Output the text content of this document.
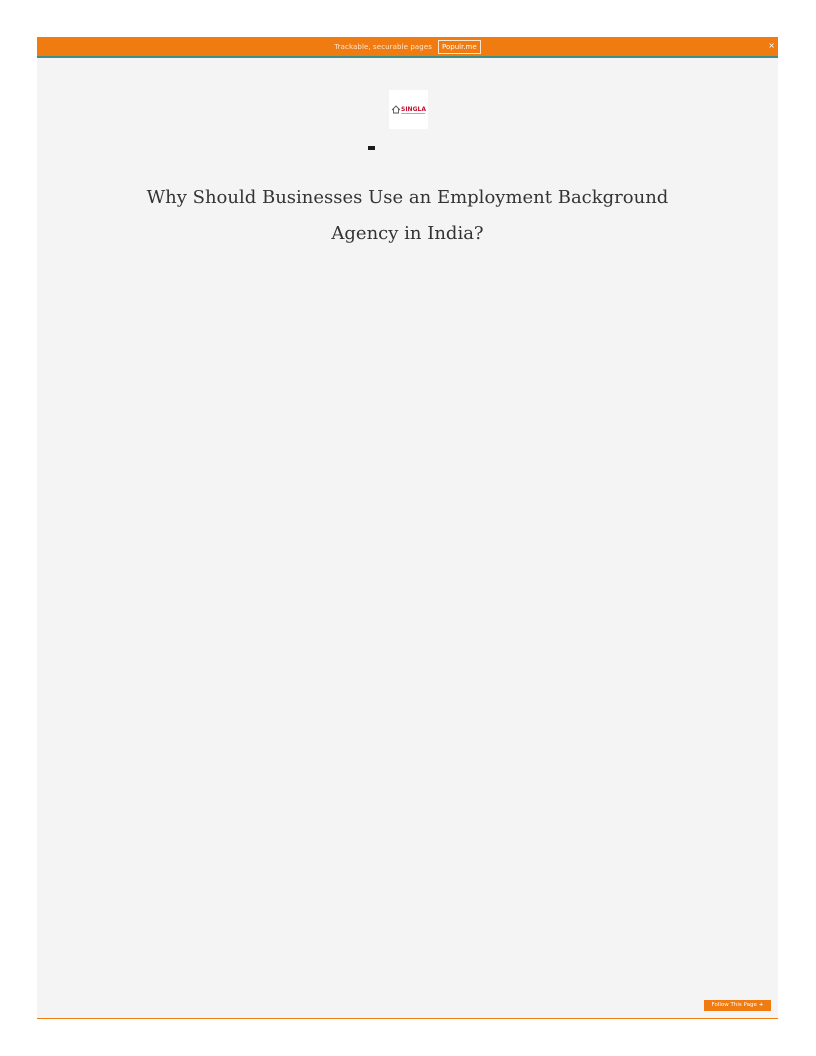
Trackable, securable pages	Populr.me	×
SINGLA
Why Should Businesses Use an Employment Background Agency in India?
Follow This Page +
